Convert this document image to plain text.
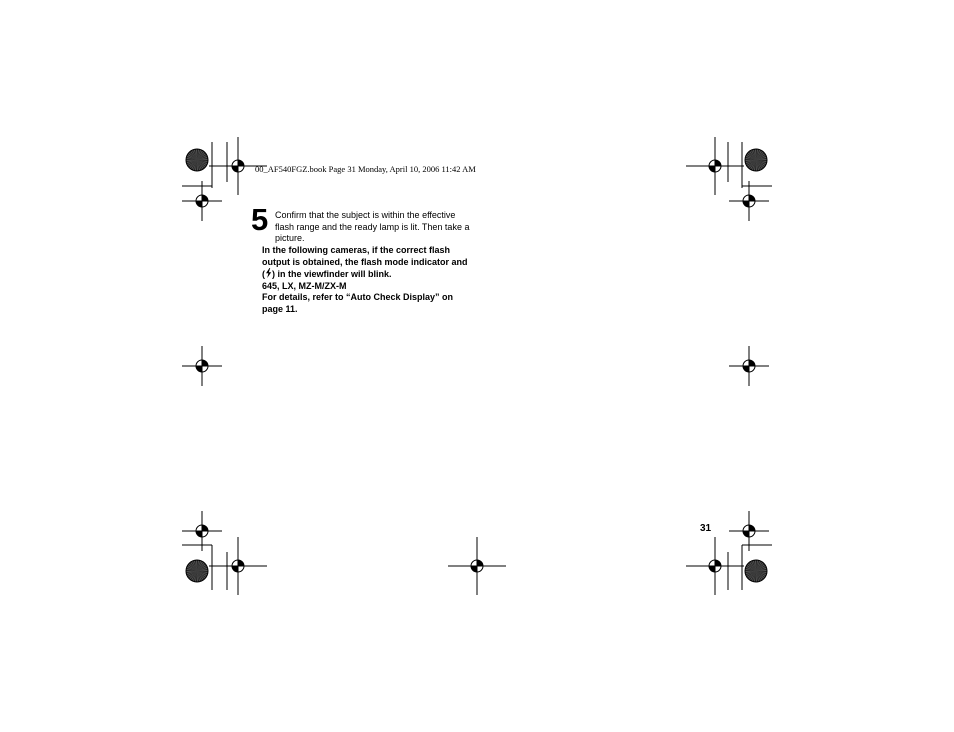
00_AF540FGZ.book Page 31 Monday, April 10, 2006 11:42 AM
5 Confirm that the subject is within the effective

flash range and the ready lamp is lit. Then take a

picture.

In the following cameras, if the correct flash

output is obtained, the flash mode indicator and

( ) in the viewfinder will blink.

645, LX, MZ-M/ZX-M

For details, refer to “Auto Check Display” on

page 11.

31
